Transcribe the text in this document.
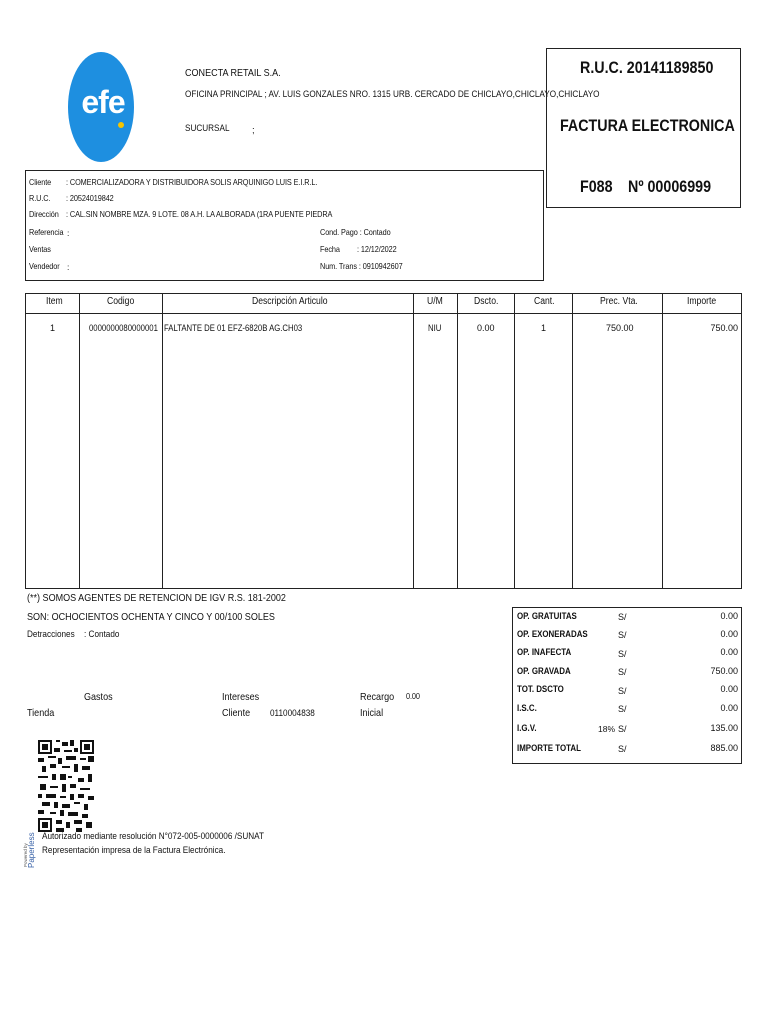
efe
CONECTA RETAIL S.A.
OFICINA PRINCIPAL ; AV. LUIS GONZALES NRO. 1315 URB. CERCADO DE CHICLAYO,CHICLAYO,CHICLAYO
SUCURSAL ;
R.U.C. 20141189850
FACTURA ELECTRONICA
F088 Nº 00006999
Cliente : COMERCIALIZADORA Y DISTRIBUIDORA SOLIS ARQUINIGO LUIS E.I.R.L.
R.U.C. : 20524019842
Dirección : CAL.SIN NOMBRE MZA. 9 LOTE. 08 A.H. LA ALBORADA (1RA PUENTE PIEDRA
Referencia :
Ventas
Vendedor :
Cond. Pago : Contado
Fecha : 12/12/2022
Num. Trans : 0910942607
Item	Codigo	Descripción Articulo	U/M	Dscto.	Cant.	Prec. Vta.	Importe
1	0000000080000001 FALTANTE DE 01 EFZ-6820B AG.CH03	NIU	0.00	1	750.00	750.00
(**) SOMOS AGENTES DE RETENCION DE IGV R.S. 181-2002
SON: OCHOCIENTOS OCHENTA Y CINCO Y 00/100 SOLES
Detracciones : Contado
Gastos
Tienda
Intereses
Cliente 0110004838
Recargo 0.00
Inicial
OP. GRATUITAS	S/	0.00
OP. EXONERADAS	S/	0.00
OP. INAFECTA	S/	0.00
OP. GRAVADA	S/	750.00
TOT. DSCTO	S/	0.00
I.S.C.	S/	0.00
I.G.V.	18% S/	135.00
IMPORTE TOTAL	S/	885.00
Powered by Paperless Autorizado mediante resolución N°072-005-0000006 /SUNAT
Representación impresa de la Factura Electrónica.
